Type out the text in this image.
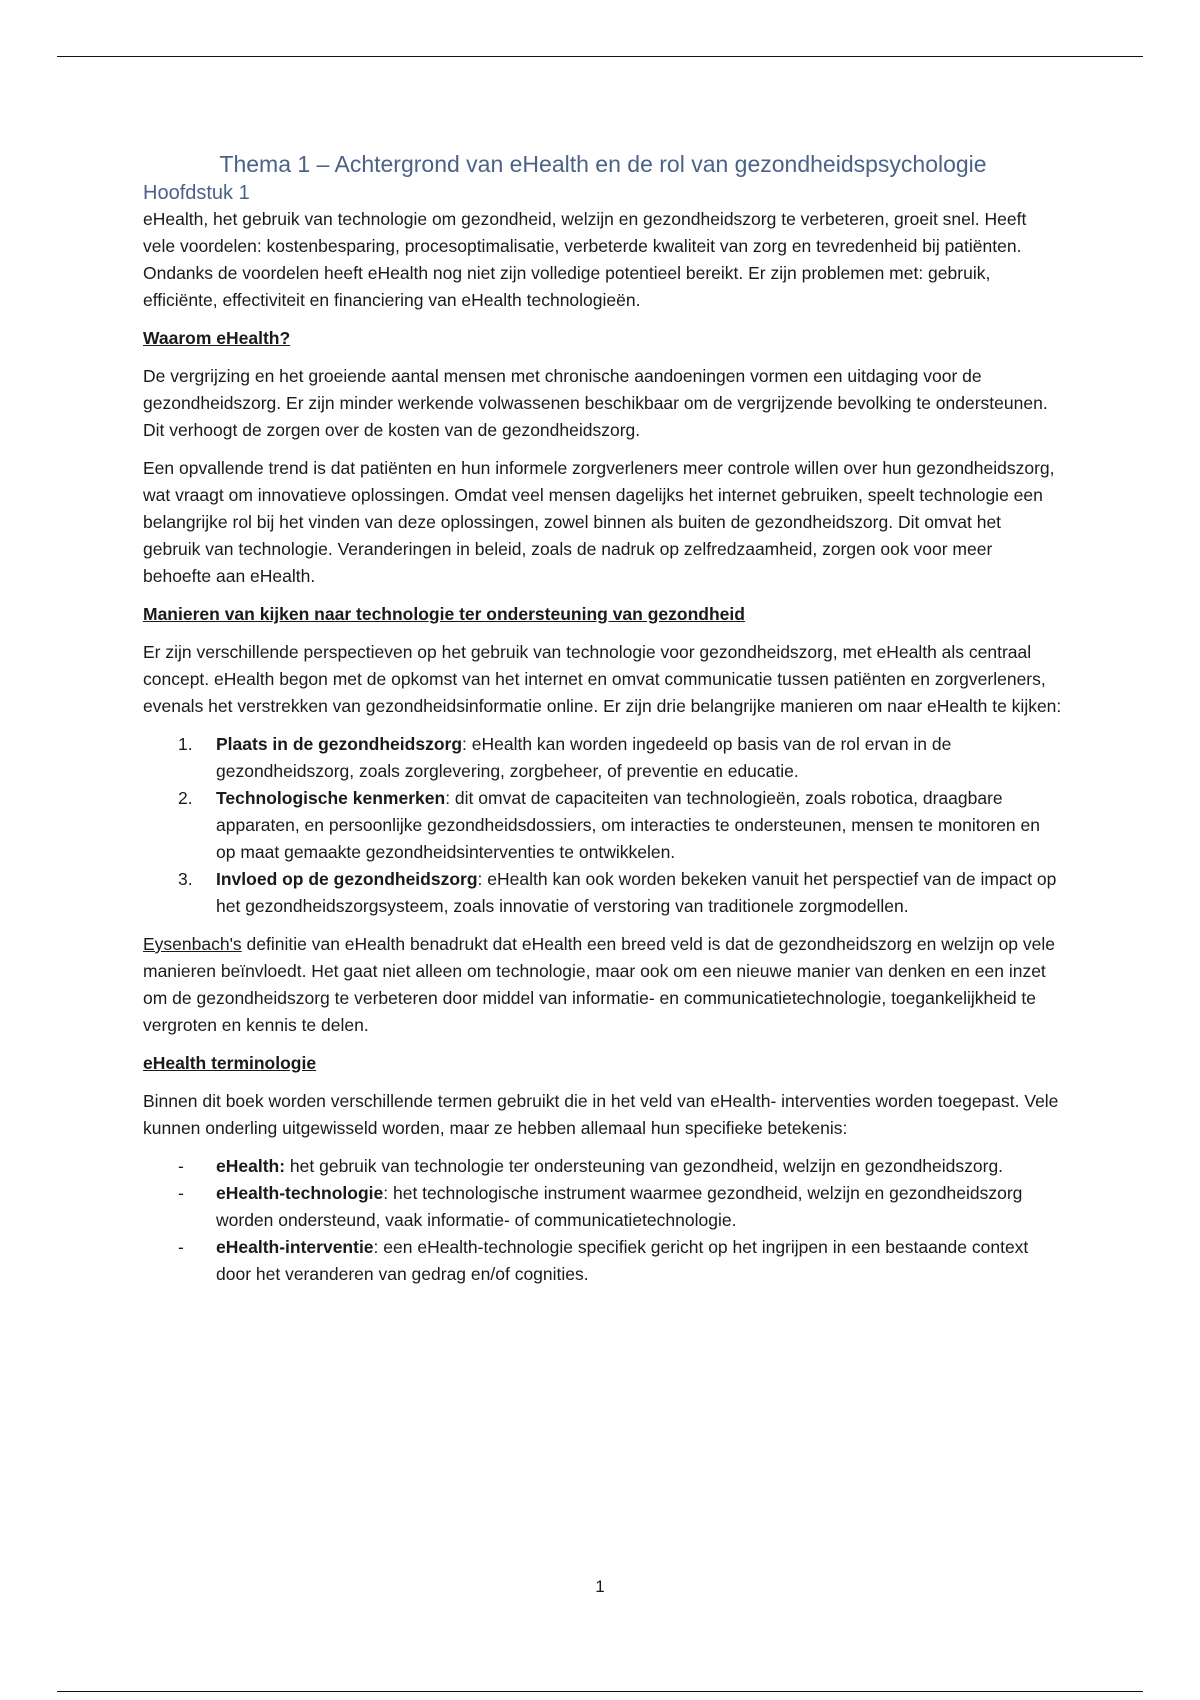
Thema 1 – Achtergrond van eHealth en de rol van gezondheidspsychologie
Hoofdstuk 1

eHealth, het gebruik van technologie om gezondheid, welzijn en gezondheidszorg te verbeteren, groeit snel. Heeft vele voordelen: kostenbesparing, procesoptimalisatie, verbeterde kwaliteit van zorg en tevredenheid bij patiënten. Ondanks de voordelen heeft eHealth nog niet zijn volledige potentieel bereikt. Er zijn problemen met: gebruik, efficiënte, effectiviteit en financiering van eHealth technologieën.

Waarom eHealth?

De vergrijzing en het groeiende aantal mensen met chronische aandoeningen vormen een uitdaging voor de gezondheidszorg. Er zijn minder werkende volwassenen beschikbaar om de vergrijzende bevolking te ondersteunen. Dit verhoogt de zorgen over de kosten van de gezondheidszorg.

Een opvallende trend is dat patiënten en hun informele zorgverleners meer controle willen over hun gezondheidszorg, wat vraagt om innovatieve oplossingen. Omdat veel mensen dagelijks het internet gebruiken, speelt technologie een belangrijke rol bij het vinden van deze oplossingen, zowel binnen als buiten de gezondheidszorg. Dit omvat het gebruik van technologie. Veranderingen in beleid, zoals de nadruk op zelfredzaamheid, zorgen ook voor meer behoefte aan eHealth.

Manieren van kijken naar technologie ter ondersteuning van gezondheid

Er zijn verschillende perspectieven op het gebruik van technologie voor gezondheidszorg, met eHealth als centraal concept. eHealth begon met de opkomst van het internet en omvat communicatie tussen patiënten en zorgverleners, evenals het verstrekken van gezondheidsinformatie online. Er zijn drie belangrijke manieren om naar eHealth te kijken:

1. Plaats in de gezondheidszorg: eHealth kan worden ingedeeld op basis van de rol ervan in de gezondheidszorg, zoals zorglevering, zorgbeheer, of preventie en educatie.
2. Technologische kenmerken: dit omvat de capaciteiten van technologieën, zoals robotica, draagbare apparaten, en persoonlijke gezondheidsdossiers, om interacties te ondersteunen, mensen te monitoren en op maat gemaakte gezondheidsinterventies te ontwikkelen.
3. Invloed op de gezondheidszorg: eHealth kan ook worden bekeken vanuit het perspectief van de impact op het gezondheidszorgsysteem, zoals innovatie of verstoring van traditionele zorgmodellen.

Eysenbach's definitie van eHealth benadrukt dat eHealth een breed veld is dat de gezondheidszorg en welzijn op vele manieren beïnvloedt. Het gaat niet alleen om technologie, maar ook om een nieuwe manier van denken en een inzet om de gezondheidszorg te verbeteren door middel van informatie- en communicatietechnologie, toegankelijkheid te vergroten en kennis te delen.

eHealth terminologie

Binnen dit boek worden verschillende termen gebruikt die in het veld van eHealth- interventies worden toegepast. Vele kunnen onderling uitgewisseld worden, maar ze hebben allemaal hun specifieke betekenis:

- eHealth: het gebruik van technologie ter ondersteuning van gezondheid, welzijn en gezondheidszorg.
- eHealth-technologie: het technologische instrument waarmee gezondheid, welzijn en gezondheidszorg worden ondersteund, vaak informatie- of communicatietechnologie.
- eHealth-interventie: een eHealth-technologie specifiek gericht op het ingrijpen in een bestaande context door het veranderen van gedrag en/of cognities.
1
